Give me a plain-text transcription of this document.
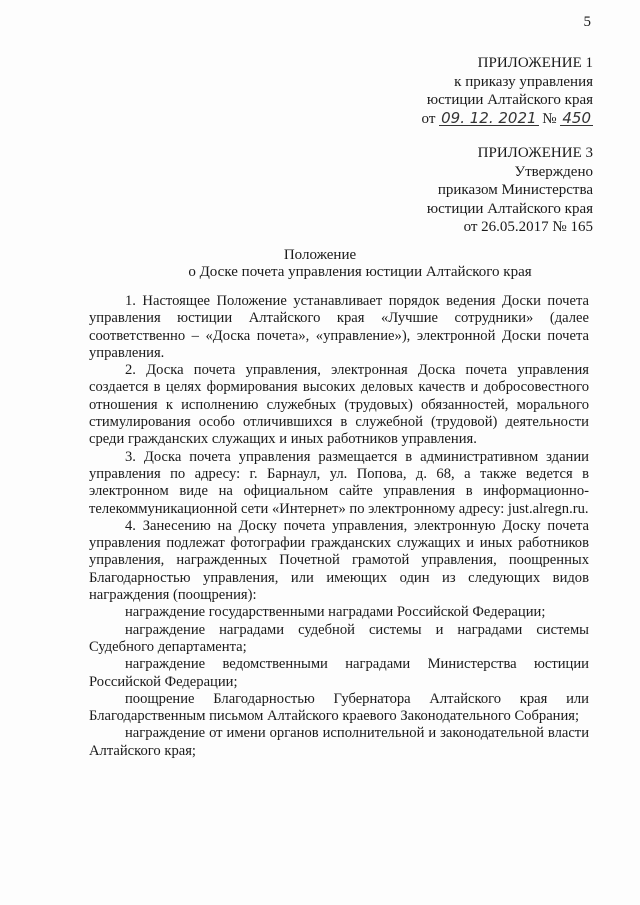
5
ПРИЛОЖЕНИЕ 1
к приказу управления
юстиции Алтайского края
от 09. 12. 2021 № 450
ПРИЛОЖЕНИЕ 3
Утверждено
приказом Министерства
юстиции Алтайского края
от 26.05.2017 № 165
Положение
о Доске почета управления юстиции Алтайского края

1. Настоящее Положение устанавливает порядок ведения Доски почета управления юстиции Алтайского края «Лучшие сотрудники» (далее соответственно – «Доска почета», «управление»), электронной Доски почета управления.

2. Доска почета управления, электронная Доска почета управления создается в целях формирования высоких деловых качеств и добросовестного отношения к исполнению служебных (трудовых) обязанностей, морального стимулирования особо отличившихся в служебной (трудовой) деятельности среди гражданских служащих и иных работников управления.

3. Доска почета управления размещается в административном здании управления по адресу: г. Барнаул, ул. Попова, д. 68, а также ведется в электронном виде на официальном сайте управления в информационно-телекоммуникационной сети «Интернет» по электронному адресу: just.alregn.ru.

4. Занесению на Доску почета управления, электронную Доску почета управления подлежат фотографии гражданских служащих и иных работников управления, награжденных Почетной грамотой управления, поощренных Благодарностью управления, или имеющих один из следующих видов награждения (поощрения):

награждение государственными наградами Российской Федерации;

награждение наградами судебной системы и наградами системы Судебного департамента;

награждение ведомственными наградами Министерства юстиции Российской Федерации;

поощрение Благодарностью Губернатора Алтайского края или Благодарственным письмом Алтайского краевого Законодательного Собрания;

награждение от имени органов исполнительной и законодательной власти Алтайского края;
